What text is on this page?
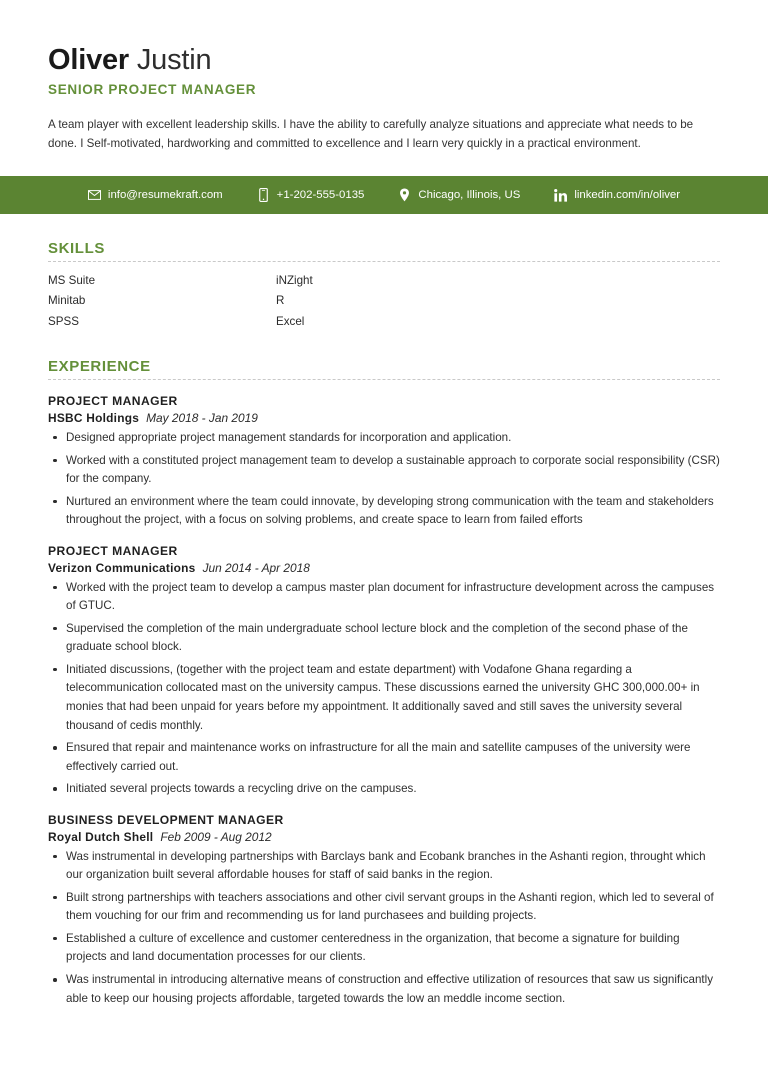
Oliver Justin
SENIOR PROJECT MANAGER

A team player with excellent leadership skills. I have the ability to carefully analyze situations and appreciate what needs to be done. I Self-motivated, hardworking and committed to excellence and I learn very quickly in a practical environment.

info@resumekraft.com	+1-202-555-0135	Chicago, Illinois, US	linkedin.com/in/oliver
SKILLS
MS Suite	iNZight
Minitab	R
SPSS	Excel
EXPERIENCE
PROJECT MANAGER
HSBC Holdings May 2018 - Jan 2019
Designed appropriate project management standards for incorporation and application.
Worked with a constituted project management team to develop a sustainable approach to corporate social responsibility (CSR) for the company.
Nurtured an environment where the team could innovate, by developing strong communication with the team and stakeholders throughout the project, with a focus on solving problems, and create space to learn from failed efforts
PROJECT MANAGER
Verizon Communications Jun 2014 - Apr 2018
Worked with the project team to develop a campus master plan document for infrastructure development across the campuses of GTUC.
Supervised the completion of the main undergraduate school lecture block and the completion of the second phase of the graduate school block.
Initiated discussions, (together with the project team and estate department) with Vodafone Ghana regarding a telecommunication collocated mast on the university campus. These discussions earned the university GHC 300,000.00+ in monies that had been unpaid for years before my appointment. It additionally saved and still saves the university several thousand of cedis monthly.
Ensured that repair and maintenance works on infrastructure for all the main and satellite campuses of the university were effectively carried out.
Initiated several projects towards a recycling drive on the campuses.
BUSINESS DEVELOPMENT MANAGER
Royal Dutch Shell Feb 2009 - Aug 2012
Was instrumental in developing partnerships with Barclays bank and Ecobank branches in the Ashanti region, throught which our organization built several affordable houses for staff of said banks in the region.
Built strong partnerships with teachers associations and other civil servant groups in the Ashanti region, which led to several of them vouching for our frim and recommending us for land purchasees and building projects.
Established a culture of excellence and customer centeredness in the organization, that become a signature for building projects and land documentation processes for our clients.
Was instrumental in introducing alternative means of construction and effective utilization of resources that saw us significantly able to keep our housing projects affordable, targeted towards the low an meddle income section.
